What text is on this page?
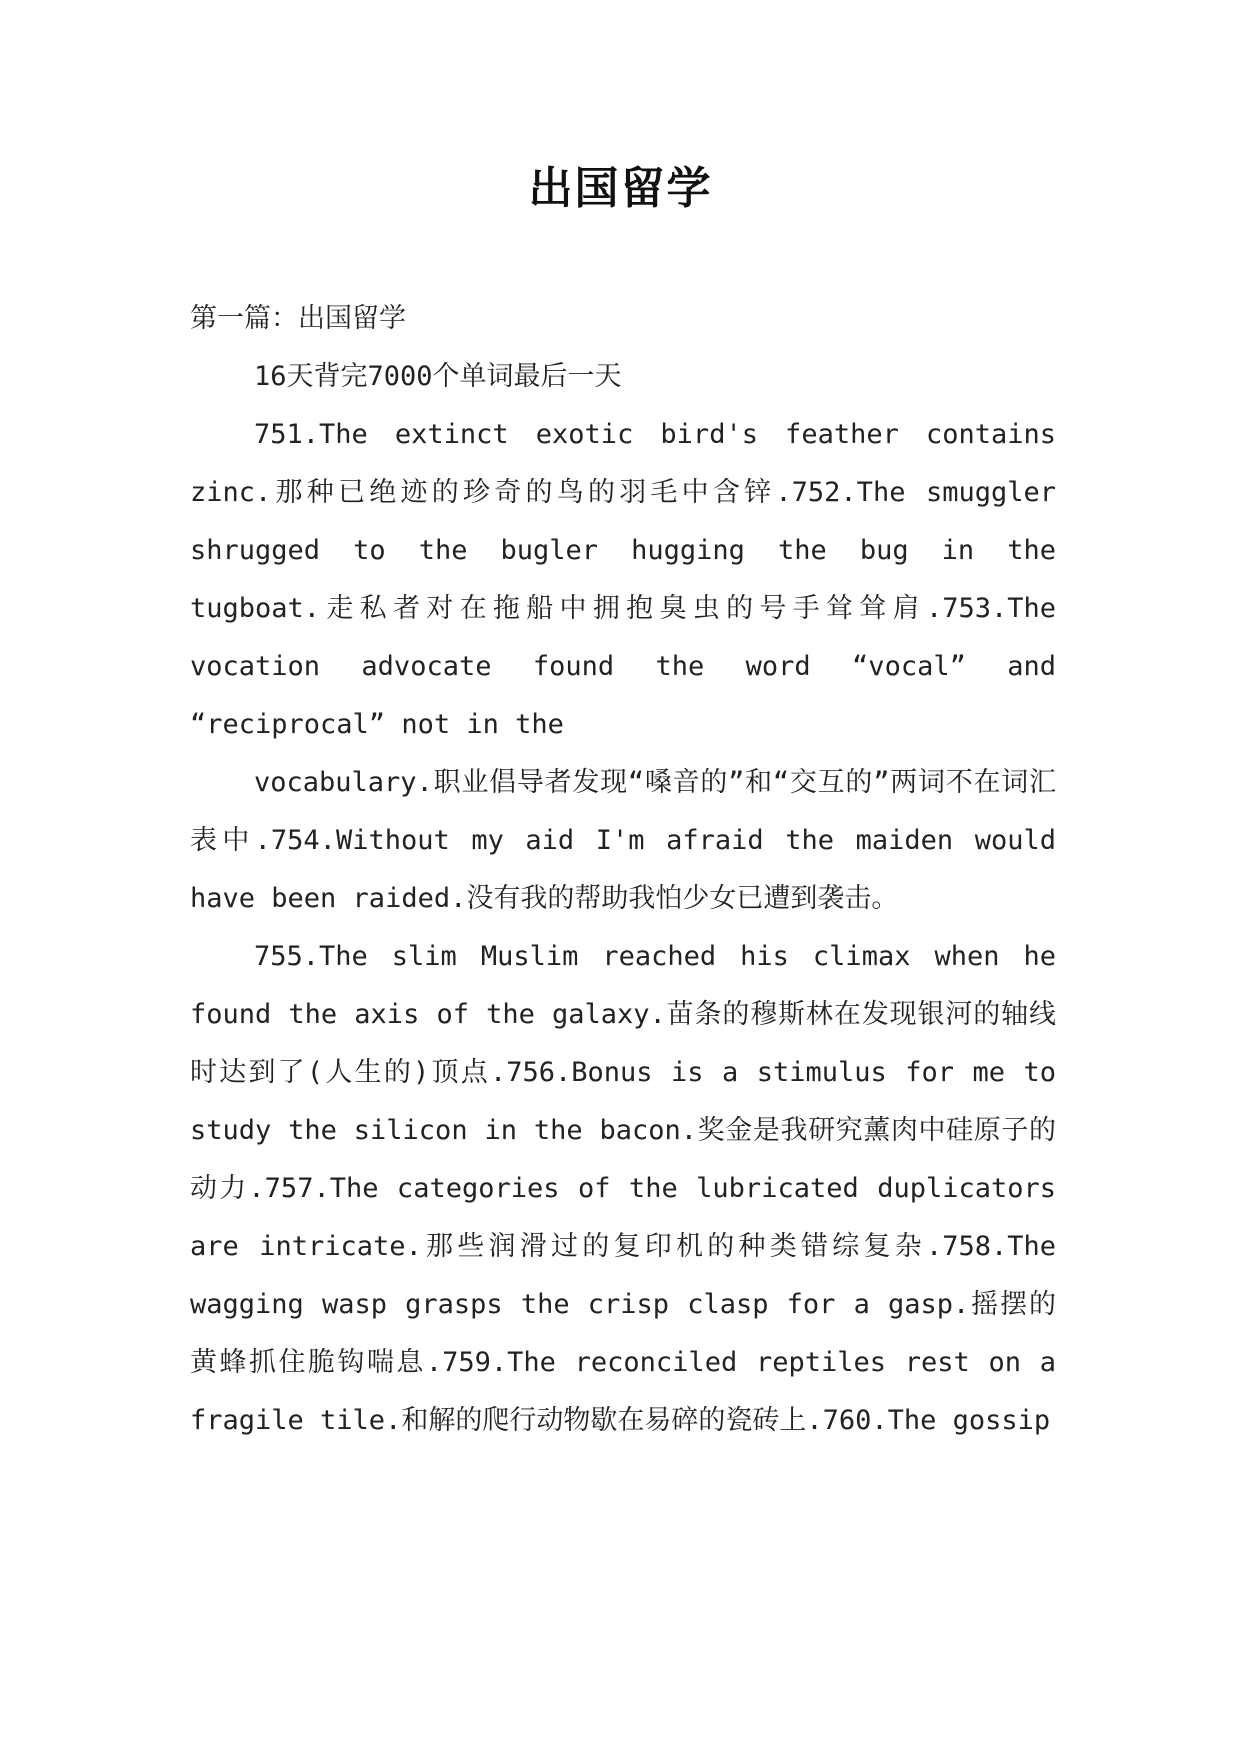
出国留学

第一篇：出国留学

16天背完7000个单词最后一天

751.The extinct exotic bird's feather contains zinc.那种已绝迹的珍奇的鸟的羽毛中含锌.752.The smuggler shrugged to the bugler hugging the bug in the tugboat.走私者对在拖船中拥抱臭虫的号手耸耸肩.753.The vocation advocate found the word “vocal” and “reciprocal” not in the

vocabulary.职业倡导者发现“嗓音的”和“交互的”两词不在词汇表中.754.Without my aid I'm afraid the maiden would have been raided.没有我的帮助我怕少女已遭到袭击。

755.The slim Muslim reached his climax when he found the axis of the galaxy.苗条的穆斯林在发现银河的轴线时达到了(人生的)顶点.756.Bonus is a stimulus for me to study the silicon in the bacon.奖金是我研究薰肉中硅原子的动力.757.The categories of the lubricated duplicators are intricate.那些润滑过的复印机的种类错综复杂.758.The wagging wasp grasps the crisp clasp for a gasp.摇摆的黄蜂抓住脆钩喘息.759.The reconciled reptiles rest on a fragile tile.和解的爬行动物歇在易碎的瓷砖上.760.The gossip
